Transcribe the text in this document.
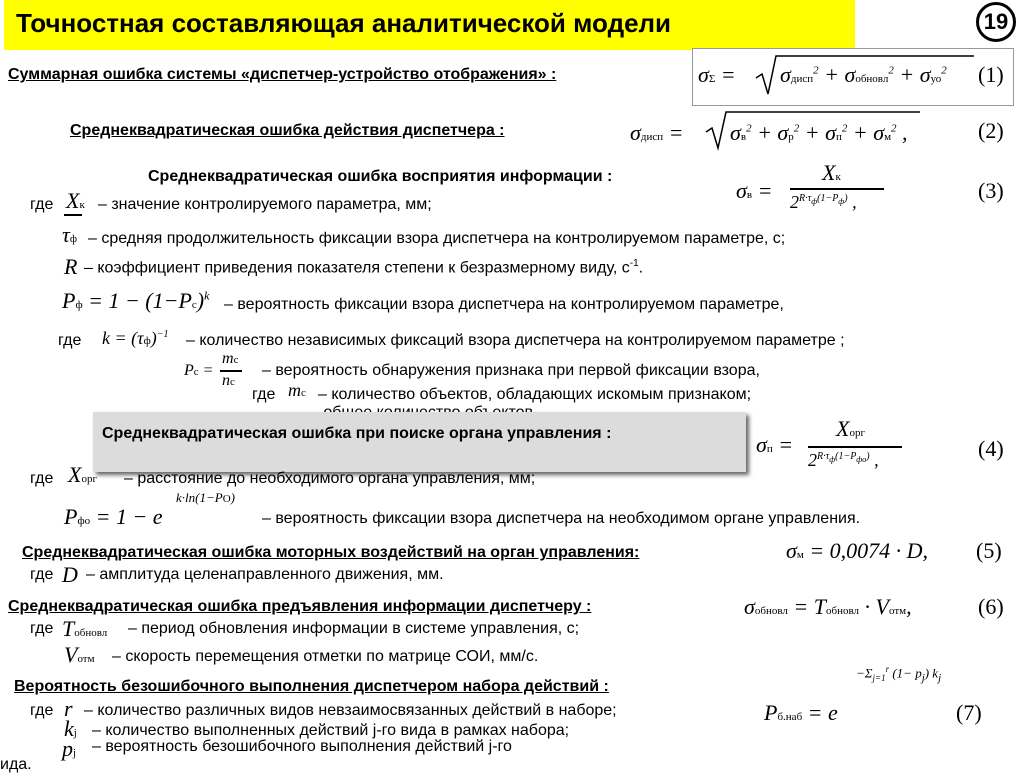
Точностная составляющая аналитической модели	19
Суммарная ошибка системы «диспетчер-устройство отображения» :	σΣ = σдисп$^2$ + σобновл$^2$ + σуо$^2$ (1)
Среднеквадратическая ошибка действия диспетчера :	σдисп = $\sigma в^2 + \sigma р^2 + \sigma п^2 + \sigma м^2$ ,	(2)
Среднеквадратическая ошибка восприятия информации :
σв =
Xк
$2^{R\cdot\tau_ф(1-P_ф)}$ ,	(3)
где Xк – значение контролируемого параметра, мм;
τф – средняя продолжительность фиксации взора диспетчера на контролируемом параметре, с;
R – коэффициент приведения показателя степени к безразмерному виду, $с^{-1}$.
Pф = $1 - (1-Pс)^k$
– вероятность фиксации взора диспетчера на контролируемом параметре,
где $k = (\tau ф)^{-1}$ – количество независимых фиксаций взора диспетчера на контролируемом параметре ;
Pс =
mс
nс
– вероятность обнаружения признака при первой фиксации взора,
где mс – количество объектов, обладающих искомым признаком;
Среднеквадратическая ошибка при поиске органа управления :	σп =
Xорг
$2^{R\cdot\tau_ф(1-P_{фо})}$ ,	(4)
где Xорг – расстояние до необходимого органа управления, мм;
Pфо = 1 − e
k·ln(1−PO)
– вероятность фиксации взора диспетчера на необходимом органе управления.
Среднеквадратическая ошибка моторных воздействий на орган управления:	σм = 0,0074 · D, (5)
где D – амплитуда целенаправленного движения, мм.
Среднеквадратическая ошибка предъявления информации диспетчеру :	σобновл = Tобновл · Vотм,	(6)
где Tобновл – период обновления информации в системе управления, с;
Vотм – скорость перемещения отметки по матрице СОИ, мм/с.
Вероятность безошибочного выполнения диспетчером набора действий :
Pб.наб = e
$-\Sigma_{j=1}^r$ $(1- p_j)$ $k_j$
(7)
где r – количество различных видов невзаимосвязанных действий в наборе;
kj – количество выполненных действий j-го вида в рамках набора;
pj – вероятность безошибочного выполнения действий j-го
ида.
